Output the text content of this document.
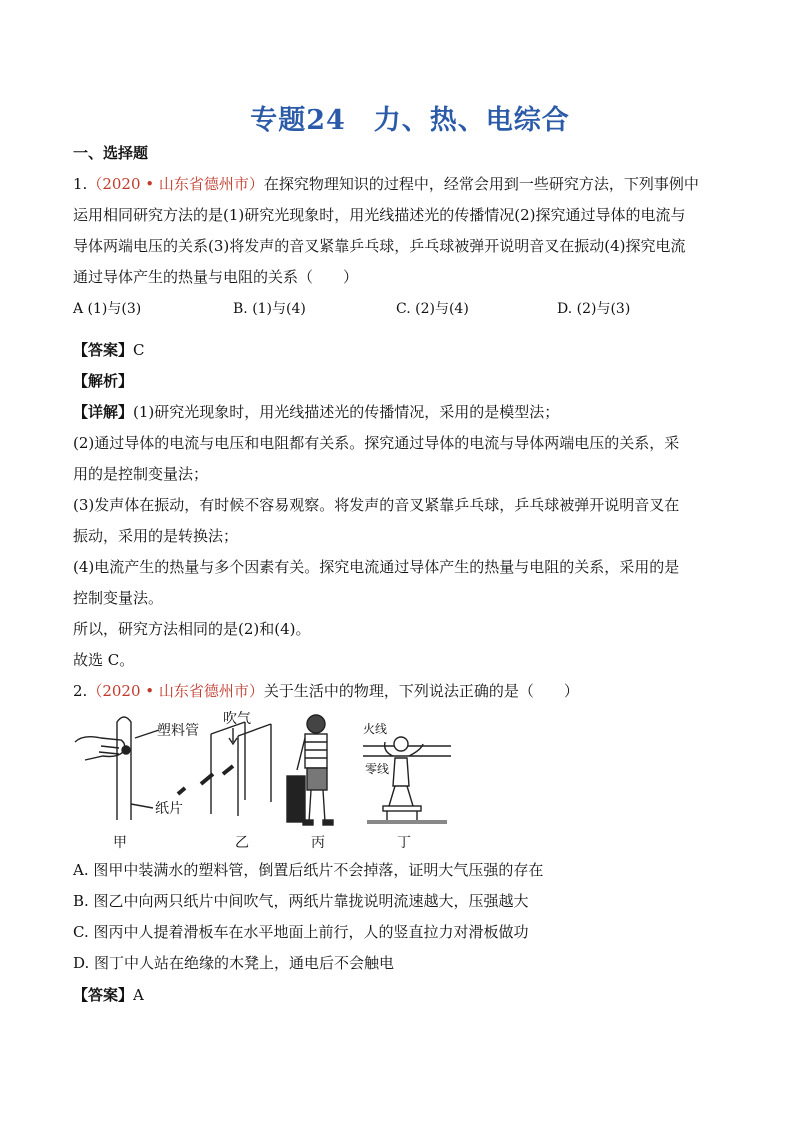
专题24　力、热、电综合
一、选择题
1.（2020 • 山东省德州市）在探究物理知识的过程中，经常会用到一些研究方法，下列事例中
运用相同研究方法的是(1)研究光现象时，用光线描述光的传播情况(2)探究通过导体的电流与
导体两端电压的关系(3)将发声的音叉紧靠乒乓球，乒乓球被弹开说明音叉在振动(4)探究电流
通过导体产生的热量与电阻的关系（　　）
A (1)与(3)	B. (1)与(4)	C. (2)与(4)	D. (2)与(3)
【答案】C
【解析】
【详解】(1)研究光现象时，用光线描述光的传播情况，采用的是模型法；
(2)通过导体的电流与电压和电阻都有关系。探究通过导体的电流与导体两端电压的关系，采
用的是控制变量法；
(3)发声体在振动，有时候不容易观察。将发声的音叉紧靠乒乓球，乒乓球被弹开说明音叉在
振动，采用的是转换法；
(4)电流产生的热量与多个因素有关。探究电流通过导体产生的热量与电阻的关系，采用的是
控制变量法。
所以，研究方法相同的是(2)和(4)。
故选 C。
2.（2020 • 山东省德州市）关于生活中的物理，下列说法正确的是（　　）
塑料管
纸片
吹气
火线
零线
甲	乙	丙	丁
A. 图甲中装满水的塑料管，倒置后纸片不会掉落，证明大气压强的存在
B. 图乙中向两只纸片中间吹气，两纸片靠拢说明流速越大，压强越大
C. 图丙中人提着滑板车在水平地面上前行，人的竖直拉力对滑板做功
D. 图丁中人站在绝缘的木凳上，通电后不会触电
【答案】A
